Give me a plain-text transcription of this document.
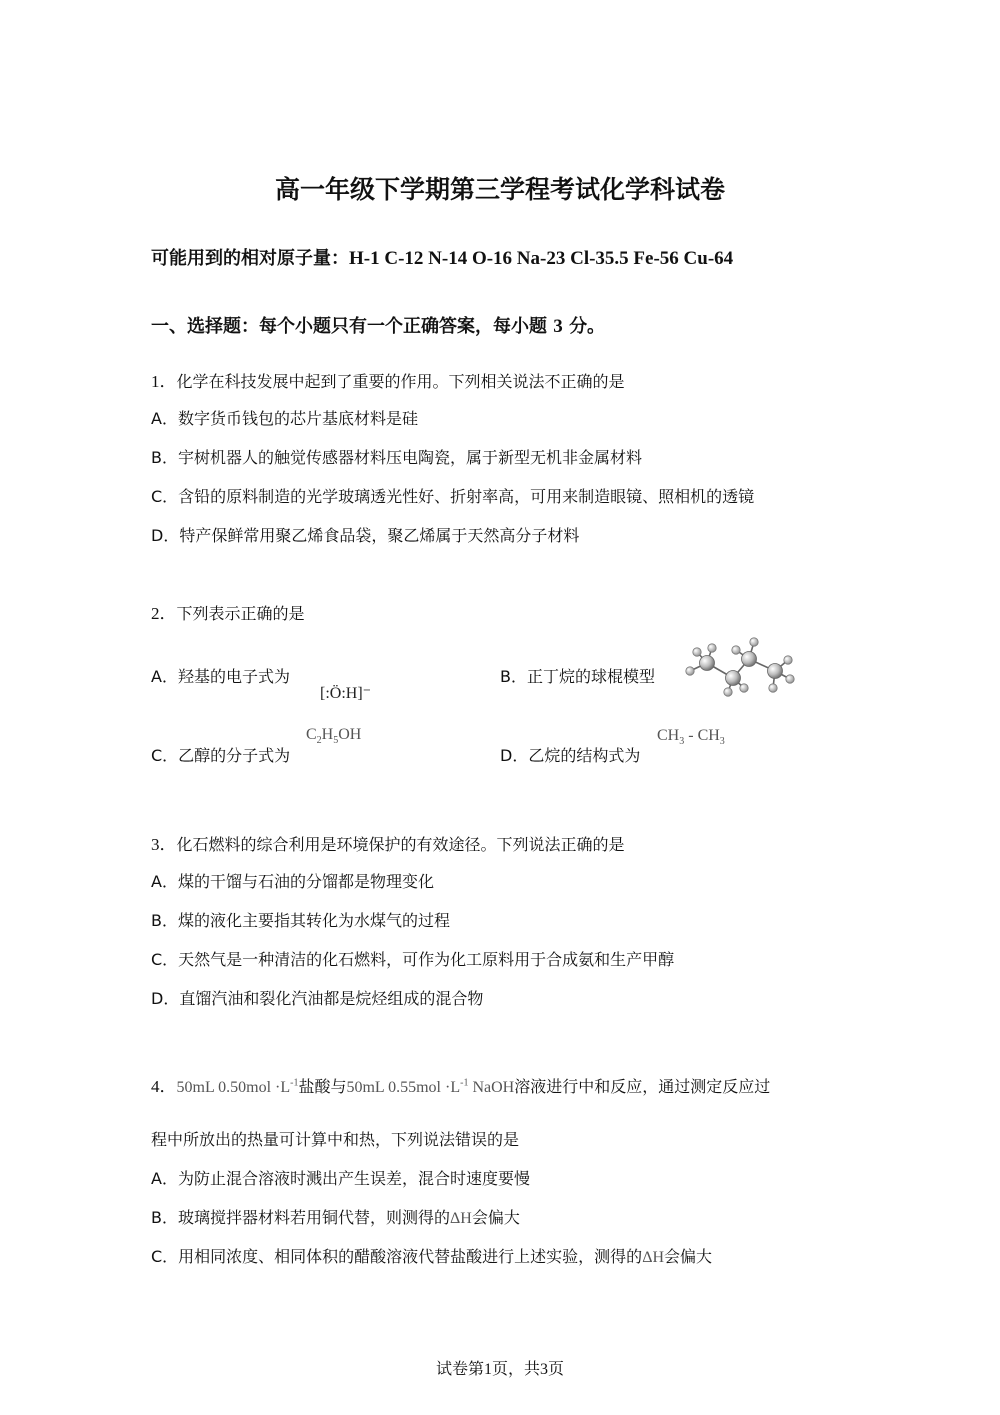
高一年级下学期第三学程考试化学科试卷
可能用到的相对原子量：H-1 C-12 N-14 O-16 Na-23 Cl-35.5 Fe-56 Cu-64
一、选择题：每个小题只有一个正确答案，每小题 3 分。
1．化学在科技发展中起到了重要的作用。下列相关说法不正确的是
A．数字货币钱包的芯片基底材料是硅
B．宇树机器人的触觉传感器材料压电陶瓷，属于新型无机非金属材料
C．含铅的原料制造的光学玻璃透光性好、折射率高，可用来制造眼镜、照相机的透镜
D．特产保鲜常用聚乙烯食品袋，聚乙烯属于天然高分子材料
2．下列表示正确的是
A．羟基的电子式为
[:Ö:H]⁻
B．正丁烷的球棍模型
C．乙醇的分子式为
$C_2H_5OH$
D．乙烷的结构式为
$CH_3 - CH_3$
3．化石燃料的综合利用是环境保护的有效途径。下列说法正确的是
A．煤的干馏与石油的分馏都是物理变化
B．煤的液化主要指其转化为水煤气的过程
C．天然气是一种清洁的化石燃料，可作为化工原料用于合成氨和生产甲醇
D．直馏汽油和裂化汽油都是烷烃组成的混合物
4．50mL $0.50mol \cdot L^{-1}$盐酸与50mL $0.55mol \cdot L^{-1}$ NaOH溶液进行中和反应，通过测定反应过
程中所放出的热量可计算中和热，下列说法错误的是
A．为防止混合溶液时溅出产生误差，混合时速度要慢
B．玻璃搅拌器材料若用铜代替，则测得的ΔH会偏大
C．用相同浓度、相同体积的醋酸溶液代替盐酸进行上述实验，测得的ΔH会偏大
试卷第1页，共3页
